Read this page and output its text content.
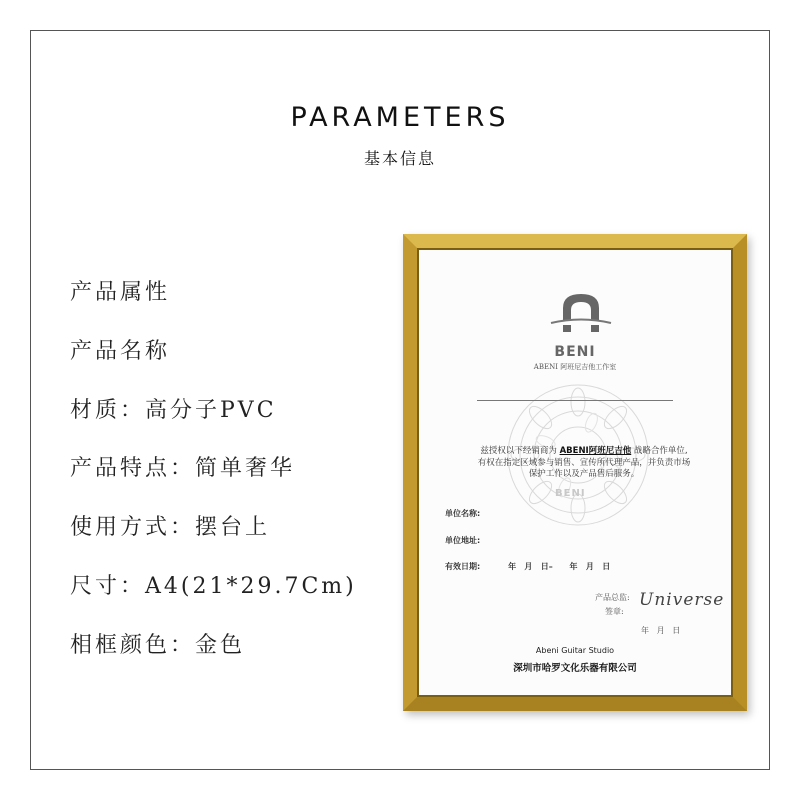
PARAMETERS
基本信息
产品属性
产品名称
材质：高分子PVC
产品特点：简单奢华
使用方式：摆台上
尺寸：A4(21*29.7Cm)
相框颜色：金色
BENI
ABENI 阿班尼吉他工作室
兹授权以下经销商为 ABENI阿班尼吉他 战略合作单位,
有权在指定区域参与销售、宣传所代理产品，并负责市场
保护工作以及产品售后服务。
BENI
单位名称:
单位地址:
有效日期:	年   月   日–      年   月   日
产品总监:
签章:
Universe
年   月   日
Abeni Guitar Studio
深圳市哈罗文化乐器有限公司
